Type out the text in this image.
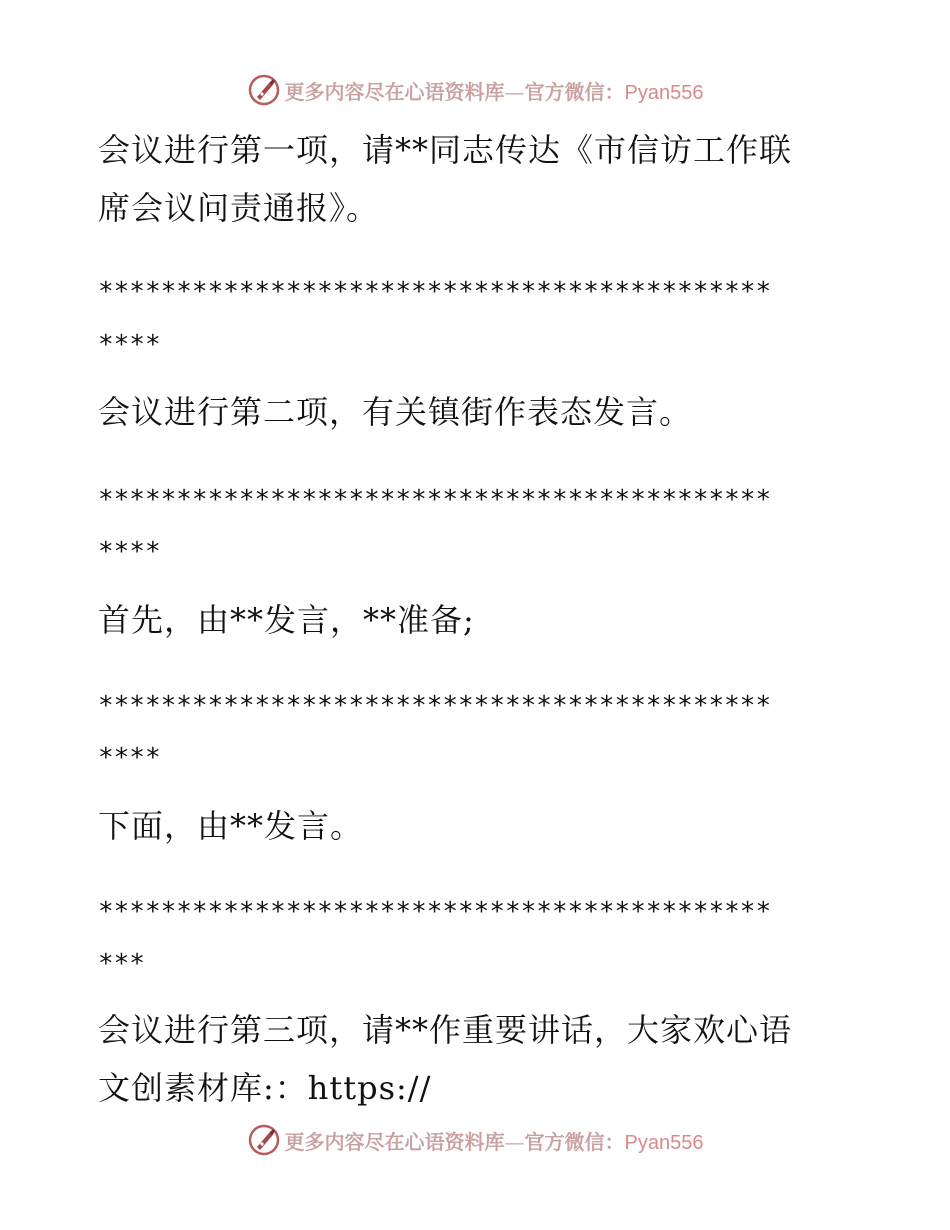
更多内容尽在心语资料库—官方微信：Pyan556
会议进行第一项，请**同志传达《市信访工作联
席会议问责通报》。
*******************************************
****
会议进行第二项，有关镇街作表态发言。
*******************************************
****
首先，由**发言，**准备;
*******************************************
****
下面，由**发言。
*******************************************
***
会议进行第三项，请**作重要讲话，大家欢心语
文创素材库:：https://
更多内容尽在心语资料库—官方微信：Pyan556
